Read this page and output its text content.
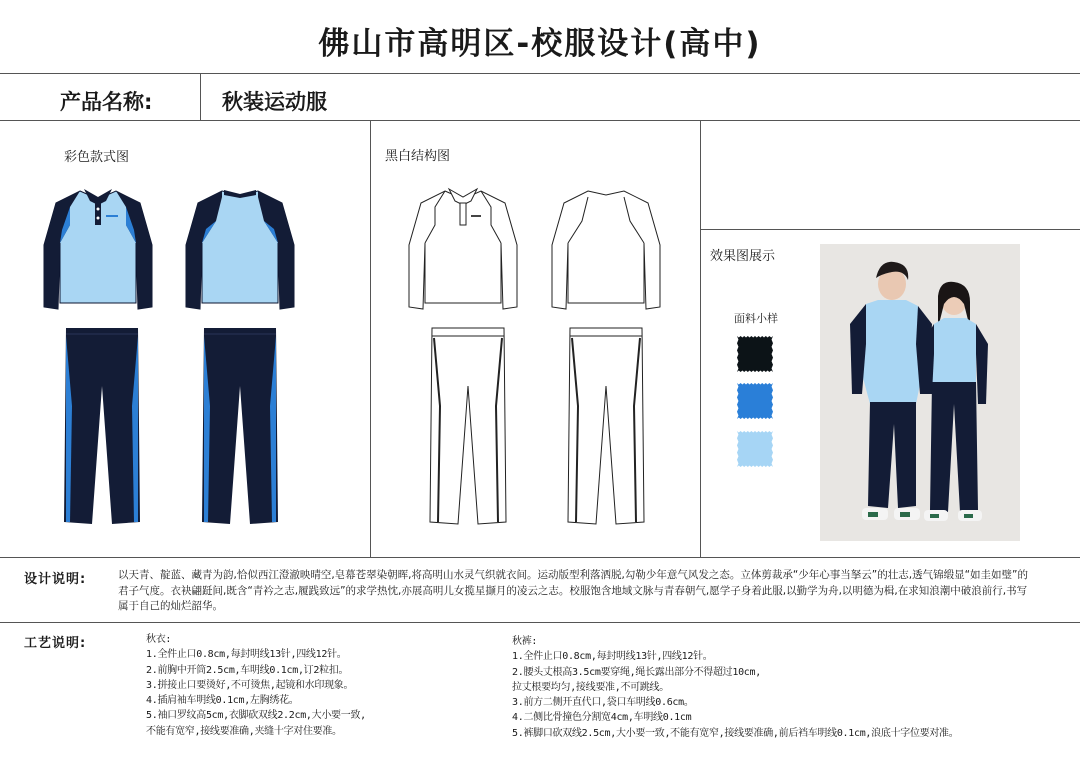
佛山市高明区-校服设计(高中)
产品名称:	秋装运动服
彩色款式图	黑白结构图
效果图展示
面料小样
设计说明:	以天青、靛蓝、藏青为韵,恰似西江澄澈映晴空,皂幕苍翠染朝晖,将高明山水灵气织就衣间。运动版型利落洒脱,勾勒少年意气风发之态。立体剪裁承“少年心事当拏云”的壮志,透气锦缎显“如圭如璧”的君子气度。衣袂翩跹间,既含“青衿之志,履践致远”的求学热忱,亦展高明儿女揽星撷月的凌云之志。校服饱含地域文脉与青春朝气,愿学子身着此服,以勤学为舟,以明德为楫,在求知浪潮中破浪前行,书写属于自己的灿烂韶华。
工艺说明:	秋衣:
1.全件止口0.8cm,每封明线13针,四线12针。
2.前胸中开筒2.5cm,车明线0.1cm,订2粒扣。
3.拼接止口要烫好,不可烫焦,起镜和水印现象。
4.插肩袖车明线0.1cm,左胸绣花。
5.袖口罗纹高5cm,衣脚砍双线2.2cm,大小要一致,
不能有宽窄,接线要准确,夹缝十字对住要准。
秋裤:
1.全件止口0.8cm,每封明线13针,四线12针。
2.腰头丈根高3.5cm要穿绳,绳长露出部分不得超过10cm,
拉丈根要均匀,接线要准,不可跳线。
3.前方二侧开直代口,袋口车明线0.6cm。
4.二侧比骨撞色分割宽4cm,车明线0.1cm
5.裤脚口砍双线2.5cm,大小要一致,不能有宽窄,接线要准确,前后裆车明线0.1cm,浪底十字位要对准。
